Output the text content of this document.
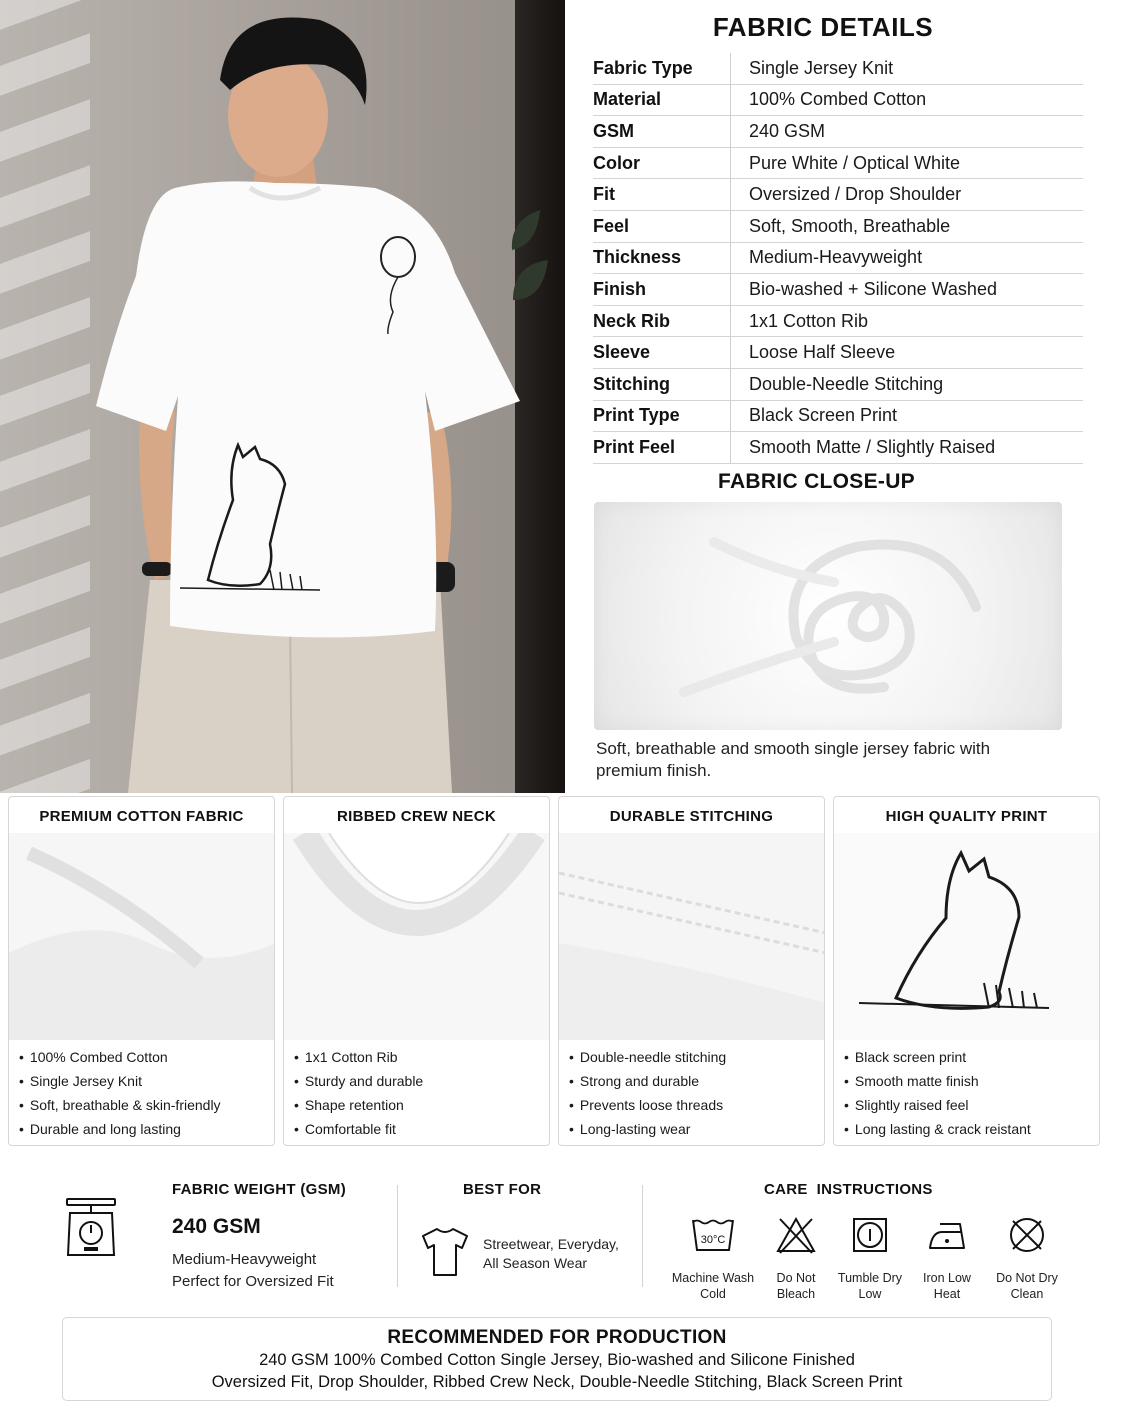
FABRIC DETAILS
Fabric Type	Single Jersey Knit
Material	100% Combed Cotton
GSM	240 GSM
Color	Pure White / Optical White
Fit	Oversized / Drop Shoulder
Feel	Soft, Smooth, Breathable
Thickness	Medium-Heavyweight
Finish	Bio-washed + Silicone Washed
Neck Rib	1x1 Cotton Rib
Sleeve	Loose Half Sleeve
Stitching	Double-Needle Stitching
Print Type	Black Screen Print
Print Feel	Smooth Matte / Slightly Raised
FABRIC CLOSE-UP
Soft, breathable and smooth single jersey fabric with premium finish.
PREMIUM COTTON FABRIC
• 100% Combed Cotton
• Single Jersey Knit
• Soft, breathable & skin-friendly
• Durable and long lasting
RIBBED CREW NECK
• 1x1 Cotton Rib
• Sturdy and durable
• Shape retention
• Comfortable fit
DURABLE STITCHING
• Double-needle stitching
• Strong and durable
• Prevents loose threads
• Long-lasting wear
HIGH QUALITY PRINT
• Black screen print
• Smooth matte finish
• Slightly raised feel
• Long lasting & crack reistant
FABRIC WEIGHT (GSM)
240 GSM
Medium-Heavyweight
Perfect for Oversized Fit
BEST FOR
Streetwear, Everyday,
All Season Wear
CARE  INSTRUCTIONS
30°C
Machine Wash
Cold
Do Not
Bleach
Tumble Dry
Low
Iron Low
Heat
Do Not Dry
Clean
RECOMMENDED FOR PRODUCTION
240 GSM 100% Combed Cotton Single Jersey, Bio-washed and Silicone Finished
Oversized Fit, Drop Shoulder, Ribbed Crew Neck, Double-Needle Stitching, Black Screen Print
